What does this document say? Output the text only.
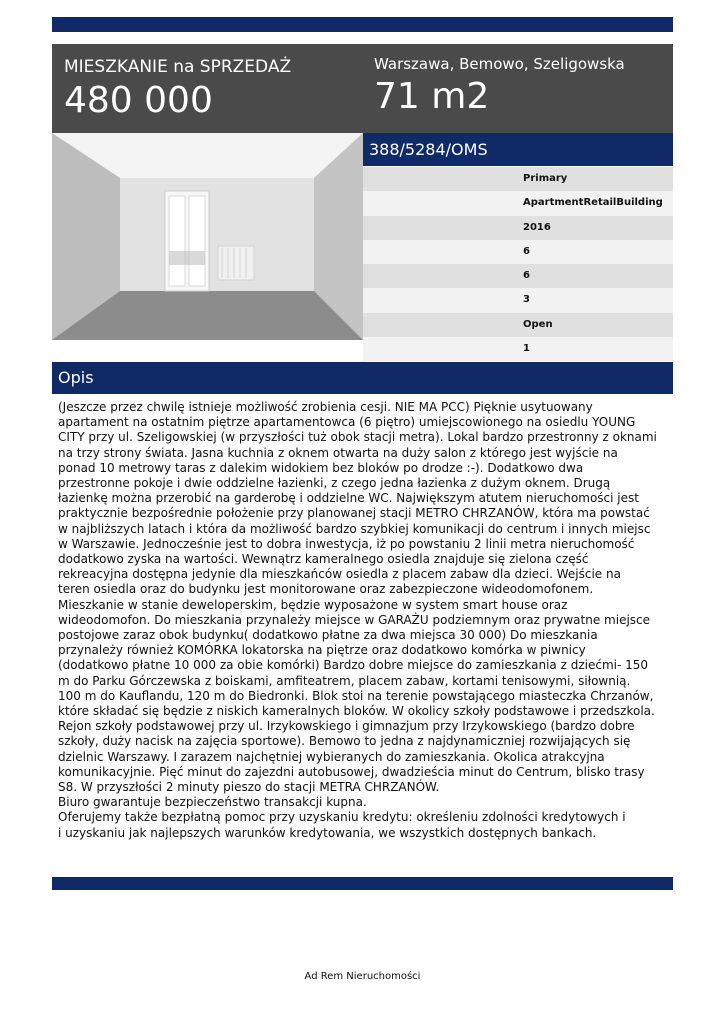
MIESZKANIE na SPRZEDAŻ
480 000
Warszawa, Bemowo, Szeligowska
71 m2
388/5284/OMS
Primary
ApartmentRetailBuilding
2016
6
6
3
Open
1
Opis
(Jeszcze przez chwilę istnieje możliwość zrobienia cesji. NIE MA PCC) Pięknie usytuowany
apartament na ostatnim piętrze apartamentowca (6 piętro) umiejscowionego na osiedlu YOUNG
CITY przy ul. Szeligowskiej (w przyszłości tuż obok stacji metra). Lokal bardzo przestronny z oknami
na trzy strony świata. Jasna kuchnia z oknem otwarta na duży salon z którego jest wyjście na
ponad 10 metrowy taras z dalekim widokiem bez bloków po drodze :-). Dodatkowo dwa
przestronne pokoje i dwie oddzielne łazienki, z czego jedna łazienka z dużym oknem. Drugą
łazienkę można przerobić na garderobę i oddzielne WC. Największym atutem nieruchomości jest
praktycznie bezpośrednie położenie przy planowanej stacji METRO CHRZANÓW, która ma powstać
w najbliższych latach i która da możliwość bardzo szybkiej komunikacji do centrum i innych miejsc
w Warszawie. Jednocześnie jest to dobra inwestycja, iż po powstaniu 2 linii metra nieruchomość
dodatkowo zyska na wartości. Wewnątrz kameralnego osiedla znajduje się zielona część
rekreacyjna dostępna jedynie dla mieszkańców osiedla z placem zabaw dla dzieci. Wejście na
teren osiedla oraz do budynku jest monitorowane oraz zabezpieczone wideodomofonem.
Mieszkanie w stanie deweloperskim, będzie wyposażone w system smart house oraz
wideodomofon. Do mieszkania przynależy miejsce w GARAŻU podziemnym oraz prywatne miejsce
postojowe zaraz obok budynku( dodatkowo płatne za dwa miejsca 30 000) Do mieszkania
przynależy również KOMÓRKA lokatorska na piętrze oraz dodatkowo komórka w piwnicy
(dodatkowo płatne 10 000 za obie komórki) Bardzo dobre miejsce do zamieszkania z dziećmi- 150
m do Parku Górczewska z boiskami, amfiteatrem, placem zabaw, kortami tenisowymi, siłownią.
100 m do Kauflandu, 120 m do Biedronki. Blok stoi na terenie powstającego miasteczka Chrzanów,
które składać się będzie z niskich kameralnych bloków. W okolicy szkoły podstawowe i przedszkola.
Rejon szkoły podstawowej przy ul. Irzykowskiego i gimnazjum przy Irzykowskiego (bardzo dobre
szkoły, duży nacisk na zajęcia sportowe). Bemowo to jedna z najdynamiczniej rozwijających się
dzielnic Warszawy. I zarazem najchętniej wybieranych do zamieszkania. Okolica atrakcyjna
komunikacyjnie. Pięć minut do zajezdni autobusowej, dwadzieścia minut do Centrum, blisko trasy
S8. W przyszłości 2 minuty pieszo do stacji METRA CHRZANÓW.
Biuro gwarantuje bezpieczeństwo transakcji kupna.
Oferujemy także bezpłatną pomoc przy uzyskaniu kredytu: określeniu zdolności kredytowych i
i uzyskaniu jak najlepszych warunków kredytowania, we wszystkich dostępnych bankach.
Ad Rem Nieruchomości
